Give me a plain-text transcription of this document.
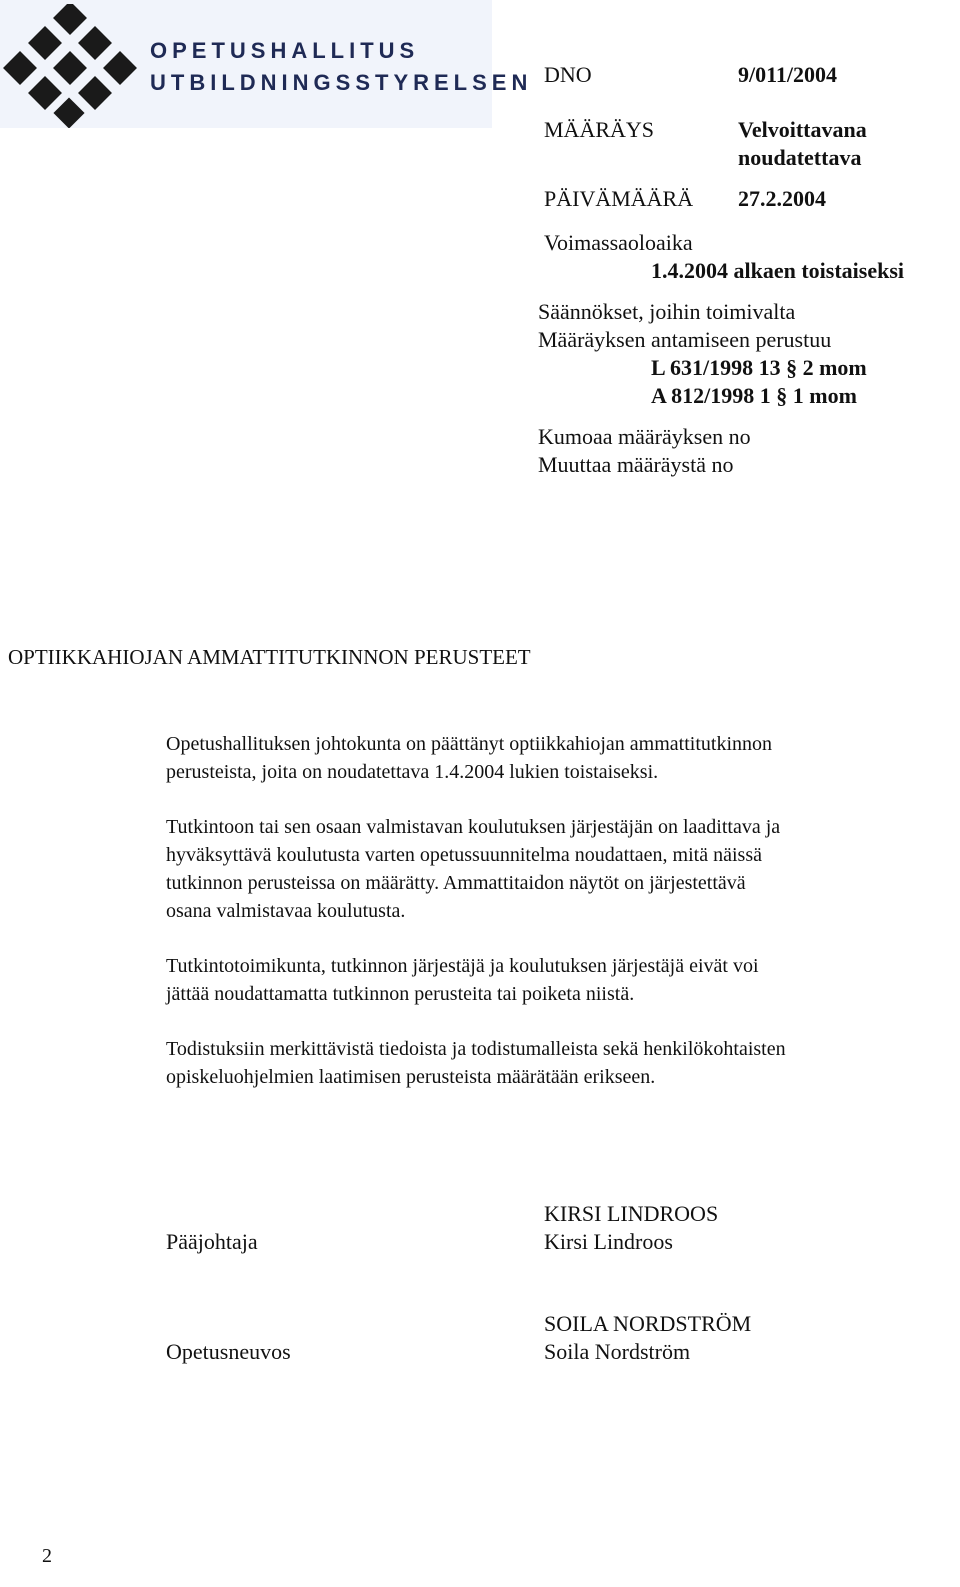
OPETUSHALLITUS
UTBILDNINGSSTYRELSEN DNO	9/011/2004
MÄÄRÄYS	Velvoittavana
noudatettava
PÄIVÄMÄÄRÄ 27.2.2004
Voimassaoloaika
1.4.2004 alkaen toistaiseksi
Säännökset, joihin toimivalta
Määräyksen antamiseen perustuu
L 631/1998 13 § 2 mom
A 812/1998 1 § 1 mom
Kumoaa määräyksen no
Muuttaa määräystä no
OPTIIKKAHIOJAN AMMATTITUTKINNON PERUSTEET

Opetushallituksen johtokunta on päättänyt optiikkahiojan ammattitutkinnon

perusteista, joita on noudatettava 1.4.2004 lukien toistaiseksi.

Tutkintoon tai sen osaan valmistavan koulutuksen järjestäjän on laadittava ja

hyväksyttävä koulutusta varten opetussuunnitelma noudattaen, mitä näissä

tutkinnon perusteissa on määrätty. Ammattitaidon näytöt on järjestettävä

osana valmistavaa koulutusta.

Tutkintotoimikunta, tutkinnon järjestäjä ja koulutuksen järjestäjä eivät voi

jättää noudattamatta tutkinnon perusteita tai poiketa niistä.

Todistuksiin merkittävistä tiedoista ja todistumalleista sekä henkilökohtaisten

opiskeluohjelmien laatimisen perusteista määrätään erikseen.

KIRSI LINDROOS
Pääjohtaja	Kirsi Lindroos
SOILA NORDSTRÖM
Opetusneuvos	Soila Nordström
2
